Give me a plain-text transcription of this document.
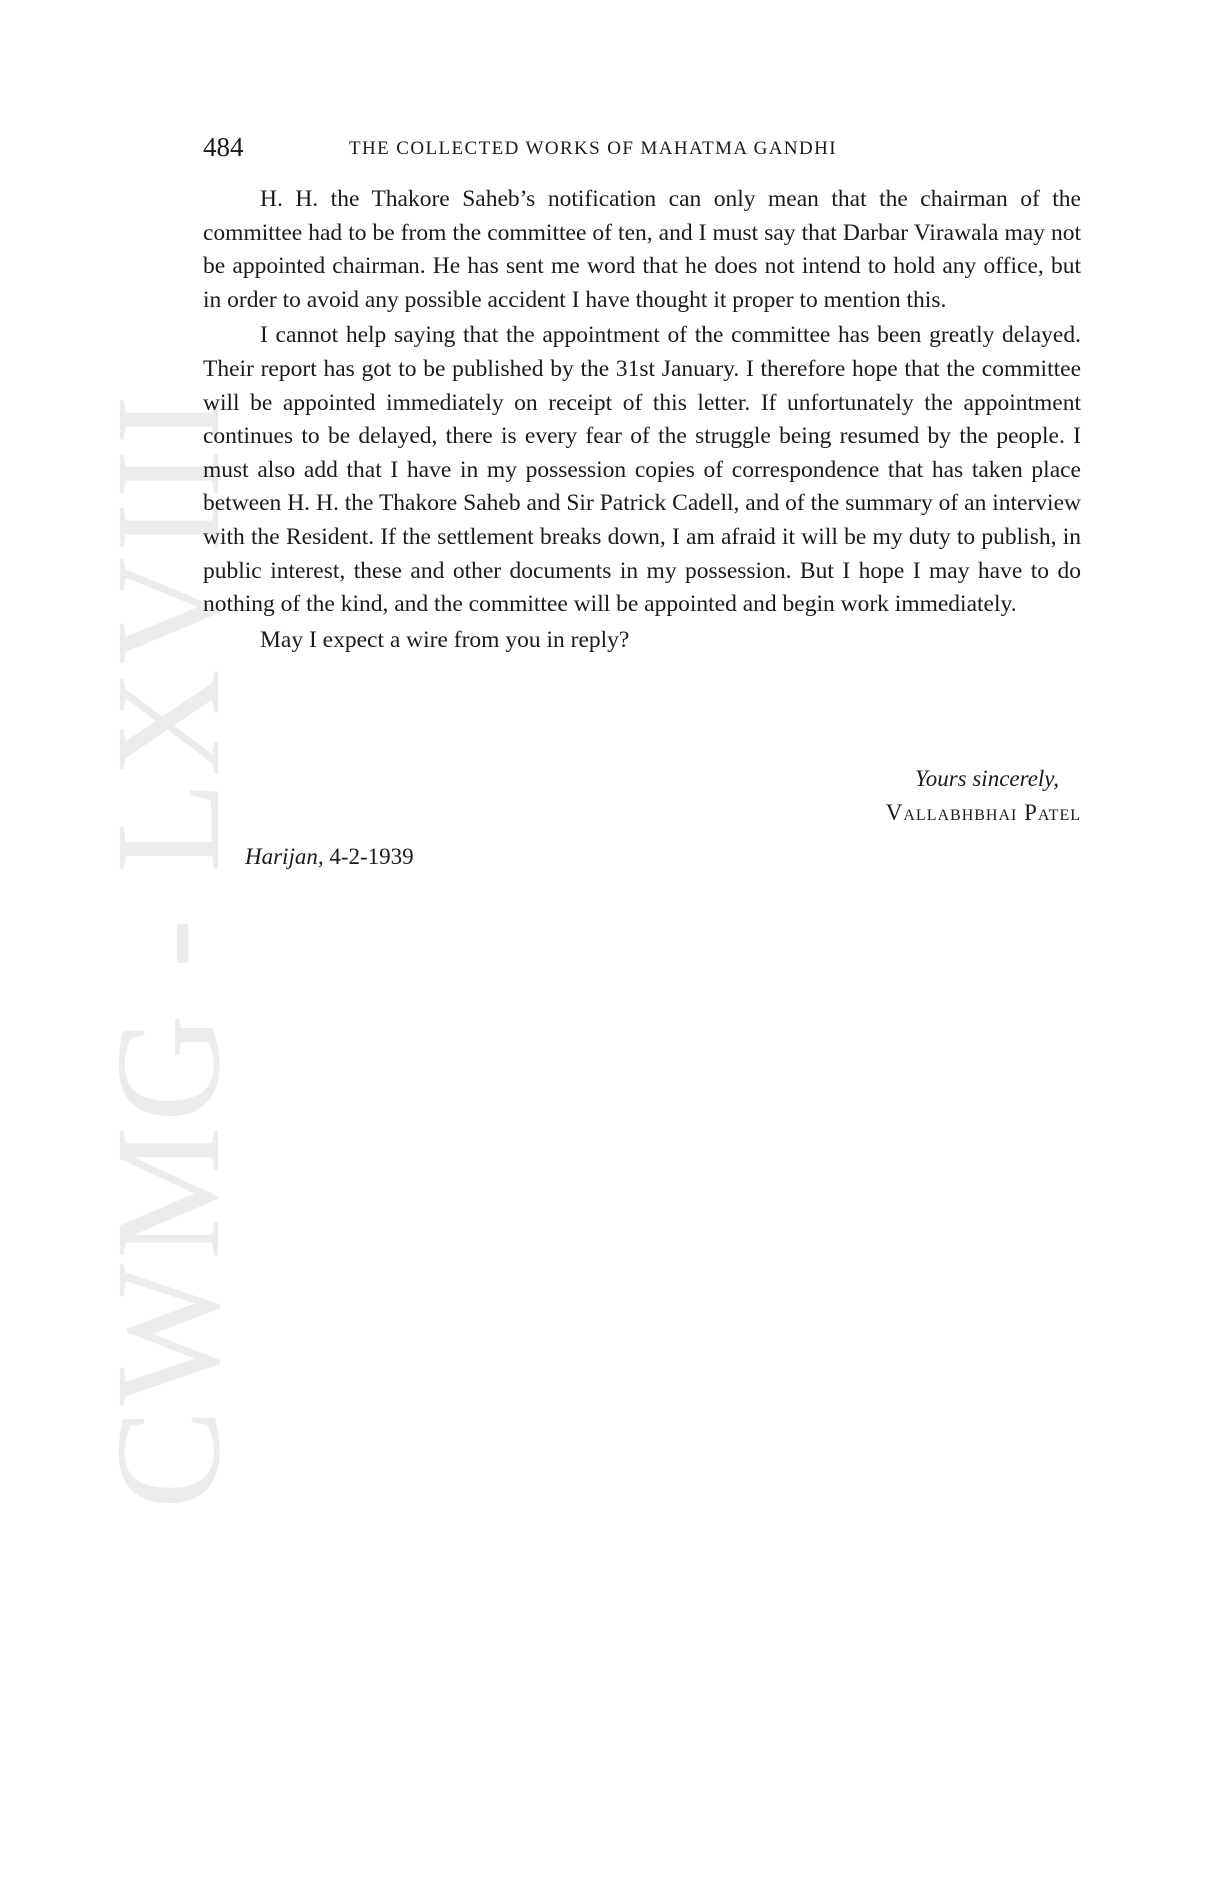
CWMG - LXVIII
484	THE COLLECTED WORKS OF MAHATMA GANDHI

H. H. the Thakore Saheb’s notification can only mean that the chairman of the committee had to be from the committee of ten, and I must say that Darbar Virawala may not be appointed chairman. He has sent me word that he does not intend to hold any office, but in order to avoid any possible accident I have thought it proper to mention this.

I cannot help saying that the appointment of the committee has been greatly delayed. Their report has got to be published by the 31st January. I therefore hope that the committee will be appointed immediately on receipt of this letter. If unfortunately the appointment continues to be delayed, there is every fear of the struggle being resumed by the people. I must also add that I have in my possession copies of correspondence that has taken place between H. H. the Thakore Saheb and Sir Patrick Cadell, and of the summary of an interview with the Resident. If the settlement breaks down, I am afraid it will be my duty to publish, in public interest, these and other documents in my possession. But I hope I may have to do nothing of the kind, and the committee will be appointed and begin work immediately.

May I expect a wire from you in reply?

Yours sincerely,
Vallabhbhai Patel
Harijan, 4-2-1939
